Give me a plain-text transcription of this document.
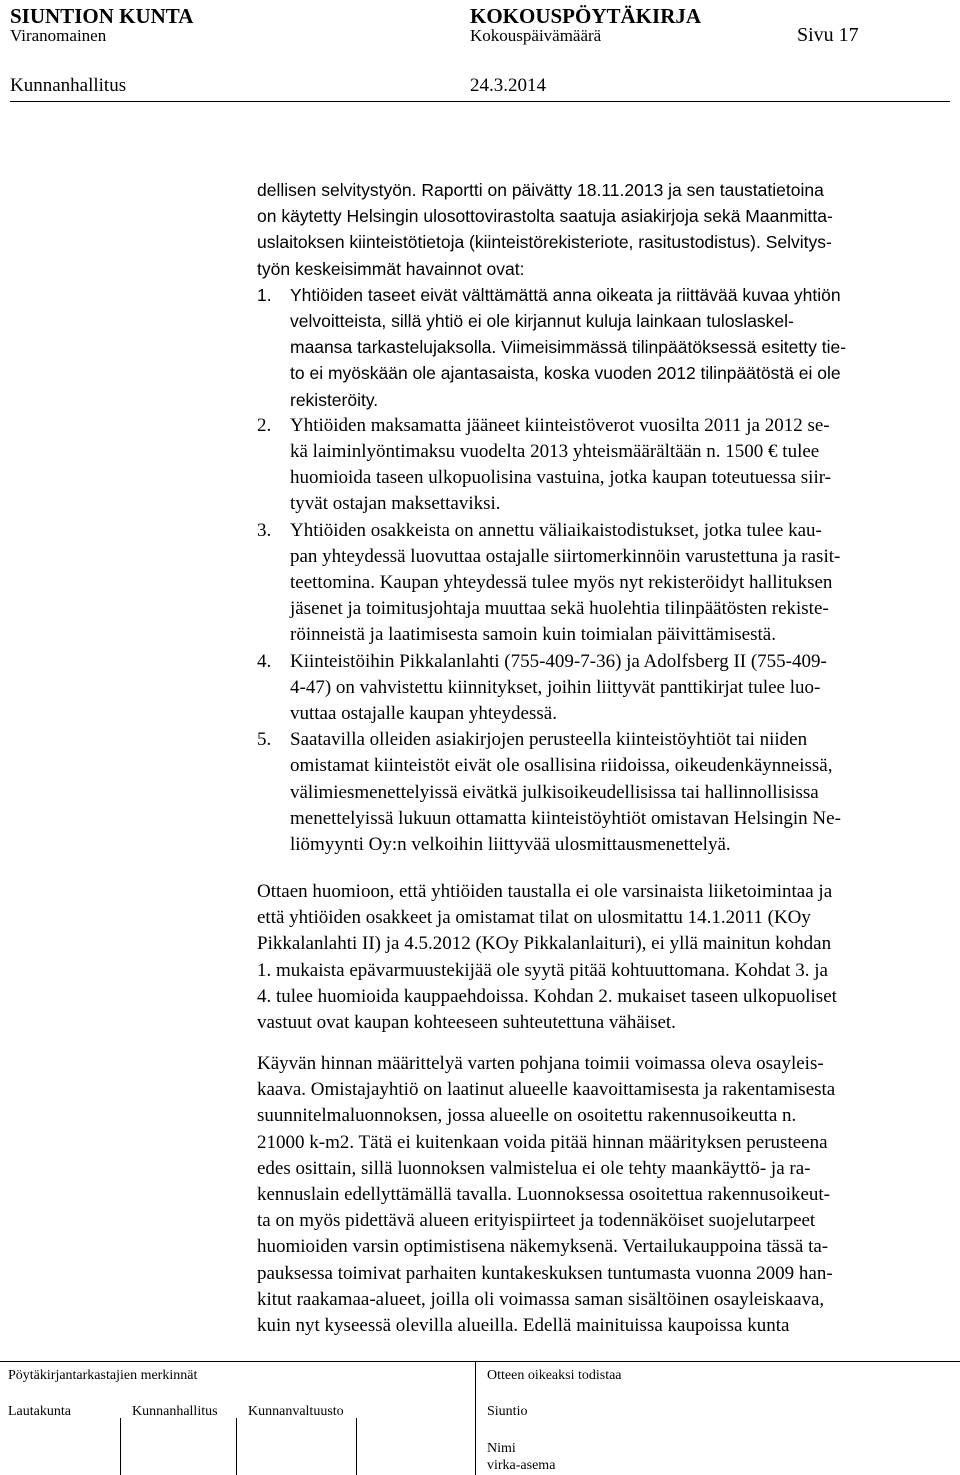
SIUNTION KUNTA	KOKOUSPÖYTÄKIRJA
Viranomainen	Kokouspäivämäärä	Sivu 17
Kunnanhallitus	24.3.2014
dellisen selvitystyön. Raportti on päivätty 18.11.2013 ja sen taustatietoina
on käytetty Helsingin ulosottovirastolta saatuja asiakirjoja sekä Maanmitta-
uslaitoksen kiinteistötietoja (kiinteistörekisteriote, rasitustodistus). Selvitys-
työn keskeisimmät havainnot ovat:
1. Yhtiöiden taseet eivät välttämättä anna oikeata ja riittävää kuvaa yhtiön
velvoitteista, sillä yhtiö ei ole kirjannut kuluja lainkaan tuloslaskel-
maansa tarkastelujaksolla. Viimeisimmässä tilinpäätöksessä esitetty tie-
to ei myöskään ole ajantasaista, koska vuoden 2012 tilinpäätöstä ei ole
rekisteröity.
2. Yhtiöiden maksamatta jääneet kiinteistöverot vuosilta 2011 ja 2012 se-
kä laiminlyöntimaksu vuodelta 2013 yhteismäärältään n. 1500 € tulee
huomioida taseen ulkopuolisina vastuina, jotka kaupan toteutuessa siir-
tyvät ostajan maksettaviksi.
3. Yhtiöiden osakkeista on annettu väliaikaistodistukset, jotka tulee kau-
pan yhteydessä luovuttaa ostajalle siirtomerkinnöin varustettuna ja rasit-
teettomina. Kaupan yhteydessä tulee myös nyt rekisteröidyt hallituksen
jäsenet ja toimitusjohtaja muuttaa sekä huolehtia tilinpäätösten rekiste-
röinneistä ja laatimisesta samoin kuin toimialan päivittämisestä.
4. Kiinteistöihin Pikkalanlahti (755-409-7-36) ja Adolfsberg II (755-409-
4-47) on vahvistettu kiinnitykset, joihin liittyvät panttikirjat tulee luo-
vuttaa ostajalle kaupan yhteydessä.
5. Saatavilla olleiden asiakirjojen perusteella kiinteistöyhtiöt tai niiden
omistamat kiinteistöt eivät ole osallisina riidoissa, oikeudenkäynneissä,
välimiesmenettelyissä eivätkä julkisoikeudellisissa tai hallinnollisissa
menettelyissä lukuun ottamatta kiinteistöyhtiöt omistavan Helsingin Ne-
liömyynti Oy:n velkoihin liittyvää ulosmittausmenettelyä.
Ottaen huomioon, että yhtiöiden taustalla ei ole varsinaista liiketoimintaa ja
että yhtiöiden osakkeet ja omistamat tilat on ulosmitattu 14.1.2011 (KOy
Pikkalanlahti II) ja 4.5.2012 (KOy Pikkalanlaituri), ei yllä mainitun kohdan
1. mukaista epävarmuustekijää ole syytä pitää kohtuuttomana. Kohdat 3. ja
4. tulee huomioida kauppaehdoissa. Kohdan 2. mukaiset taseen ulkopuoliset
vastuut ovat kaupan kohteeseen suhteutettuna vähäiset.
Käyvän hinnan määrittelyä varten pohjana toimii voimassa oleva osayleis-
kaava. Omistajayhtiö on laatinut alueelle kaavoittamisesta ja rakentamisesta
suunnitelmaluonnoksen, jossa alueelle on osoitettu rakennusoikeutta n.
21000 k-m2. Tätä ei kuitenkaan voida pitää hinnan määrityksen perusteena
edes osittain, sillä luonnoksen valmistelua ei ole tehty maankäyttö- ja ra-
kennuslain edellyttämällä tavalla. Luonnoksessa osoitettua rakennusoikeut-
ta on myös pidettävä alueen erityispiirteet ja todennäköiset suojelutarpeet
huomioiden varsin optimistisena näkemyksenä. Vertailukauppoina tässä ta-
pauksessa toimivat parhaiten kuntakeskuksen tuntumasta vuonna 2009 han-
kitut raakamaa-alueet, joilla oli voimassa saman sisältöinen osayleiskaava,
kuin nyt kyseessä olevilla alueilla. Edellä mainituissa kaupoissa kunta
Pöytäkirjantarkastajien merkinnät	Otteen oikeaksi todistaa
Lautakunta	Kunnanhallitus Kunnanvaltuusto	Siuntio
Nimi
virka-asema
